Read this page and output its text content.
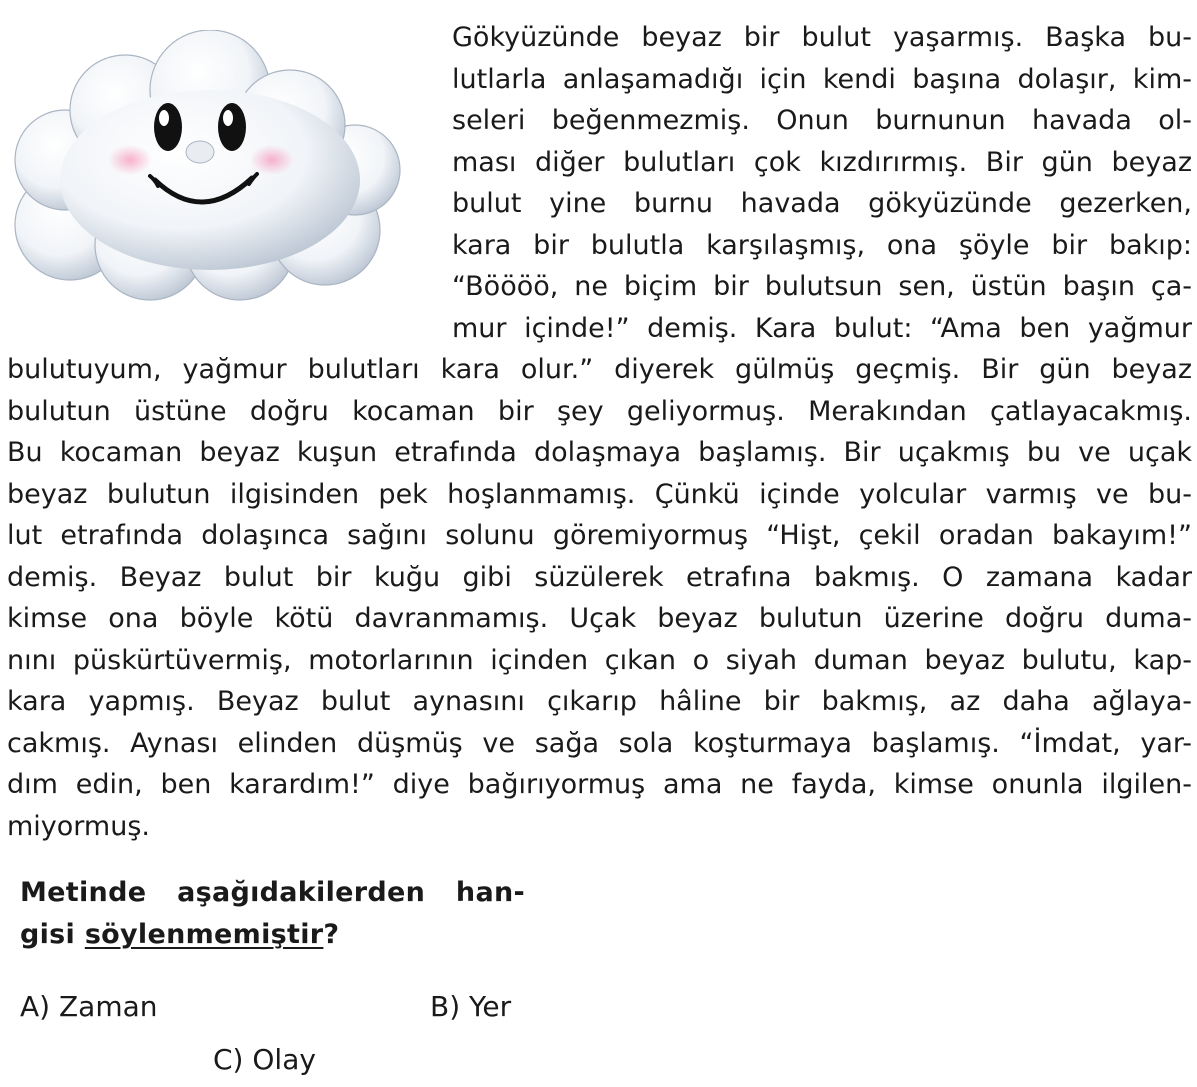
Gökyüzünde beyaz bir bulut yaşarmış. Başka bu-
lutlarla anlaşamadığı için kendi başına dolaşır, kim-
seleri beğenmezmiş. Onun burnunun havada ol-
ması diğer bulutları çok kızdırırmış. Bir gün beyaz
bulut yine burnu havada gökyüzünde gezerken,
kara bir bulutla karşılaşmış, ona şöyle bir bakıp:
“Böööö, ne biçim bir bulutsun sen, üstün başın ça-
mur içinde!” demiş. Kara bulut: “Ama ben yağmur
bulutuyum, yağmur bulutları kara olur.” diyerek gülmüş geçmiş. Bir gün beyaz
bulutun üstüne doğru kocaman bir şey geliyormuş. Merakından çatlayacakmış.
Bu kocaman beyaz kuşun etrafında dolaşmaya başlamış. Bir uçakmış bu ve uçak
beyaz bulutun ilgisinden pek hoşlanmamış. Çünkü içinde yolcular varmış ve bu-
lut etrafında dolaşınca sağını solunu göremiyormuş “Hişt, çekil oradan bakayım!”
demiş. Beyaz bulut bir kuğu gibi süzülerek etrafına bakmış. O zamana kadar
kimse ona böyle kötü davranmamış. Uçak beyaz bulutun üzerine doğru duma-
nını püskürtüvermiş, motorlarının içinden çıkan o siyah duman beyaz bulutu, kap-
kara yapmış. Beyaz bulut aynasını çıkarıp hâline bir bakmış, az daha ağlaya-
cakmış. Aynası elinden düşmüş ve sağa sola koşturmaya başlamış. “İmdat, yar-
dım edin, ben karardım!” diye bağırıyormuş ama ne fayda, kimse onunla ilgilen-
miyormuş.
Metinde aşağıdakilerden han-
gisi söylenmemiştir?
A) Zaman	B) Yer
C) Olay
